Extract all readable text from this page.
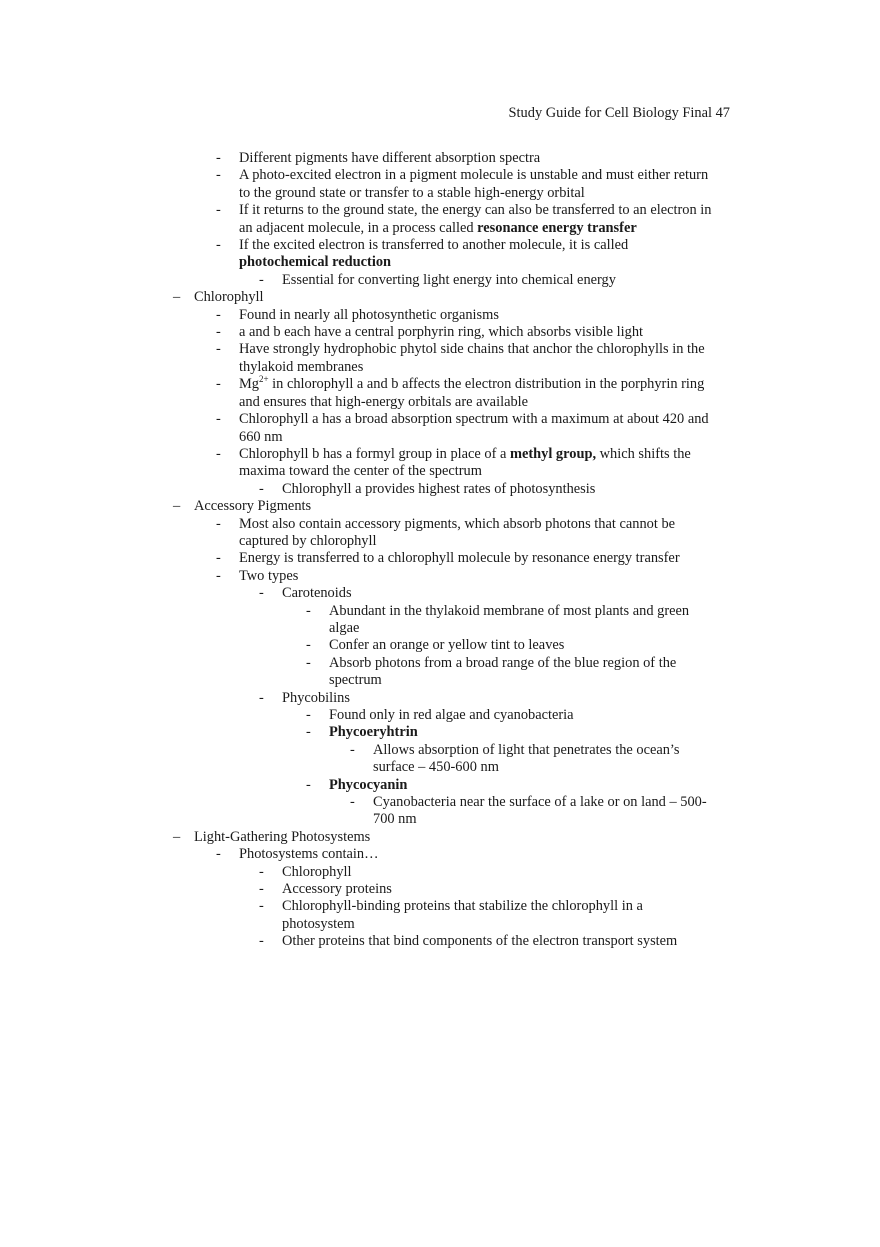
Study Guide for Cell Biology Final 47
- Different pigments have different absorption spectra
- A photo-excited electron in a pigment molecule is unstable and must either return
to the ground state or transfer to a stable high-energy orbital
- If it returns to the ground state, the energy can also be transferred to an electron in
an adjacent molecule, in a process called resonance energy transfer
- If the excited electron is transferred to another molecule, it is called
photochemical reduction
- Essential for converting light energy into chemical energy
– Chlorophyll
- Found in nearly all photosynthetic organisms
- a and b each have a central porphyrin ring, which absorbs visible light
- Have strongly hydrophobic phytol side chains that anchor the chlorophylls in the
thylakoid membranes
- $Mg^{2+}$ in chlorophyll a and b affects the electron distribution in the porphyrin ring
and ensures that high-energy orbitals are available
- Chlorophyll a has a broad absorption spectrum with a maximum at about 420 and
660 nm
- Chlorophyll b has a formyl group in place of a methyl group, which shifts the
maxima toward the center of the spectrum
- Chlorophyll a provides highest rates of photosynthesis
– Accessory Pigments
- Most also contain accessory pigments, which absorb photons that cannot be
captured by chlorophyll
- Energy is transferred to a chlorophyll molecule by resonance energy transfer
- Two types
- Carotenoids
- Abundant in the thylakoid membrane of most plants and green
algae
- Confer an orange or yellow tint to leaves
- Absorb photons from a broad range of the blue region of the
spectrum
- Phycobilins
- Found only in red algae and cyanobacteria
- Phycoeryhtrin
- Allows absorption of light that penetrates the ocean’s
surface – 450-600 nm
- Phycocyanin
- Cyanobacteria near the surface of a lake or on land – 500-
700 nm
– Light-Gathering Photosystems
- Photosystems contain…
- Chlorophyll
- Accessory proteins
- Chlorophyll-binding proteins that stabilize the chlorophyll in a
photosystem
- Other proteins that bind components of the electron transport system
